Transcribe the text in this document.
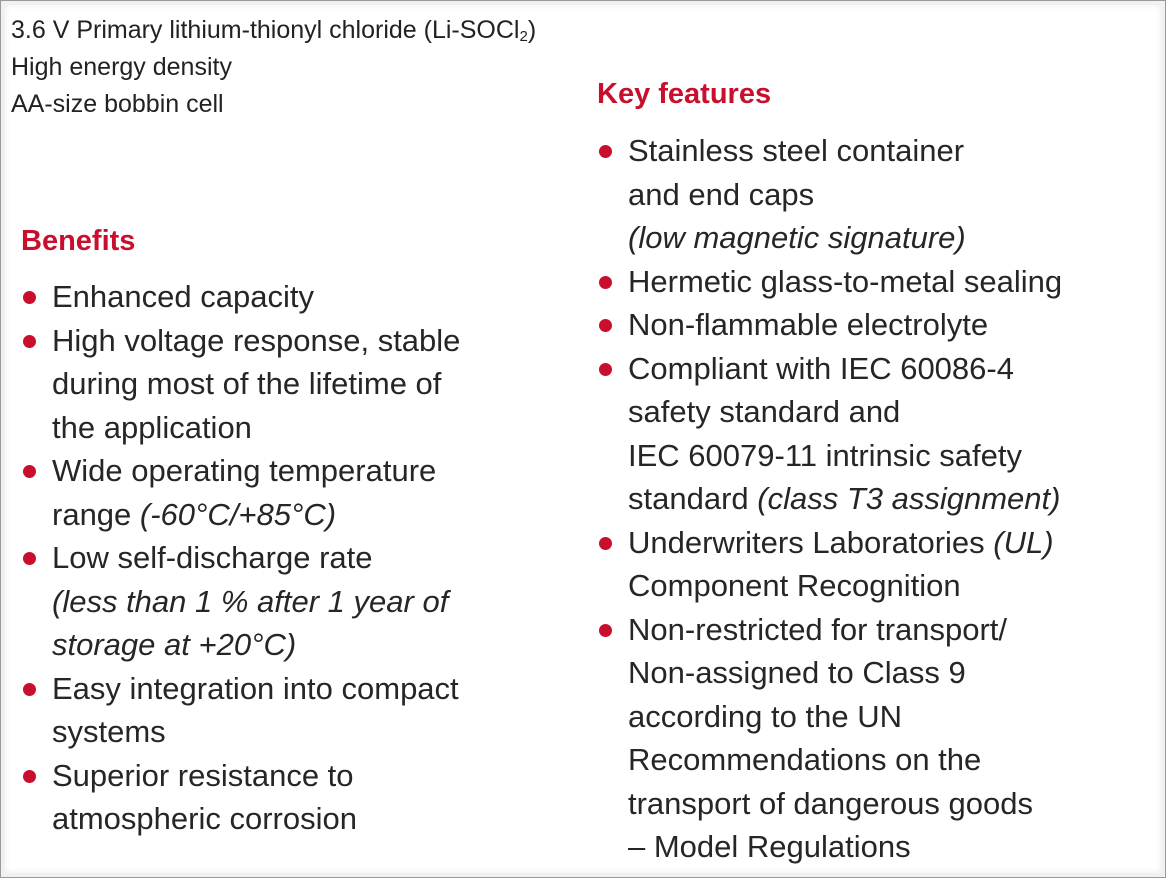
3.6 V Primary lithium-thionyl chloride (Li-SOCl$_2$)
High energy density
AA-size bobbin cell
Benefits
Enhanced capacity
High voltage response, stable
during most of the lifetime of
the application
Wide operating temperature
range (-60°C/+85°C)
Low self-discharge rate
(less than 1 % after 1 year of
storage at +20°C)
Easy integration into compact
systems
Superior resistance to
atmospheric corrosion
Key features
Stainless steel container
and end caps
(low magnetic signature)
Hermetic glass-to-metal sealing
Non-flammable electrolyte
Compliant with IEC 60086-4
safety standard and
IEC 60079-11 intrinsic safety
standard (class T3 assignment)
Underwriters Laboratories (UL)
Component Recognition
Non-restricted for transport/
Non-assigned to Class 9
according to the UN
Recommendations on the
transport of dangerous goods
– Model Regulations
